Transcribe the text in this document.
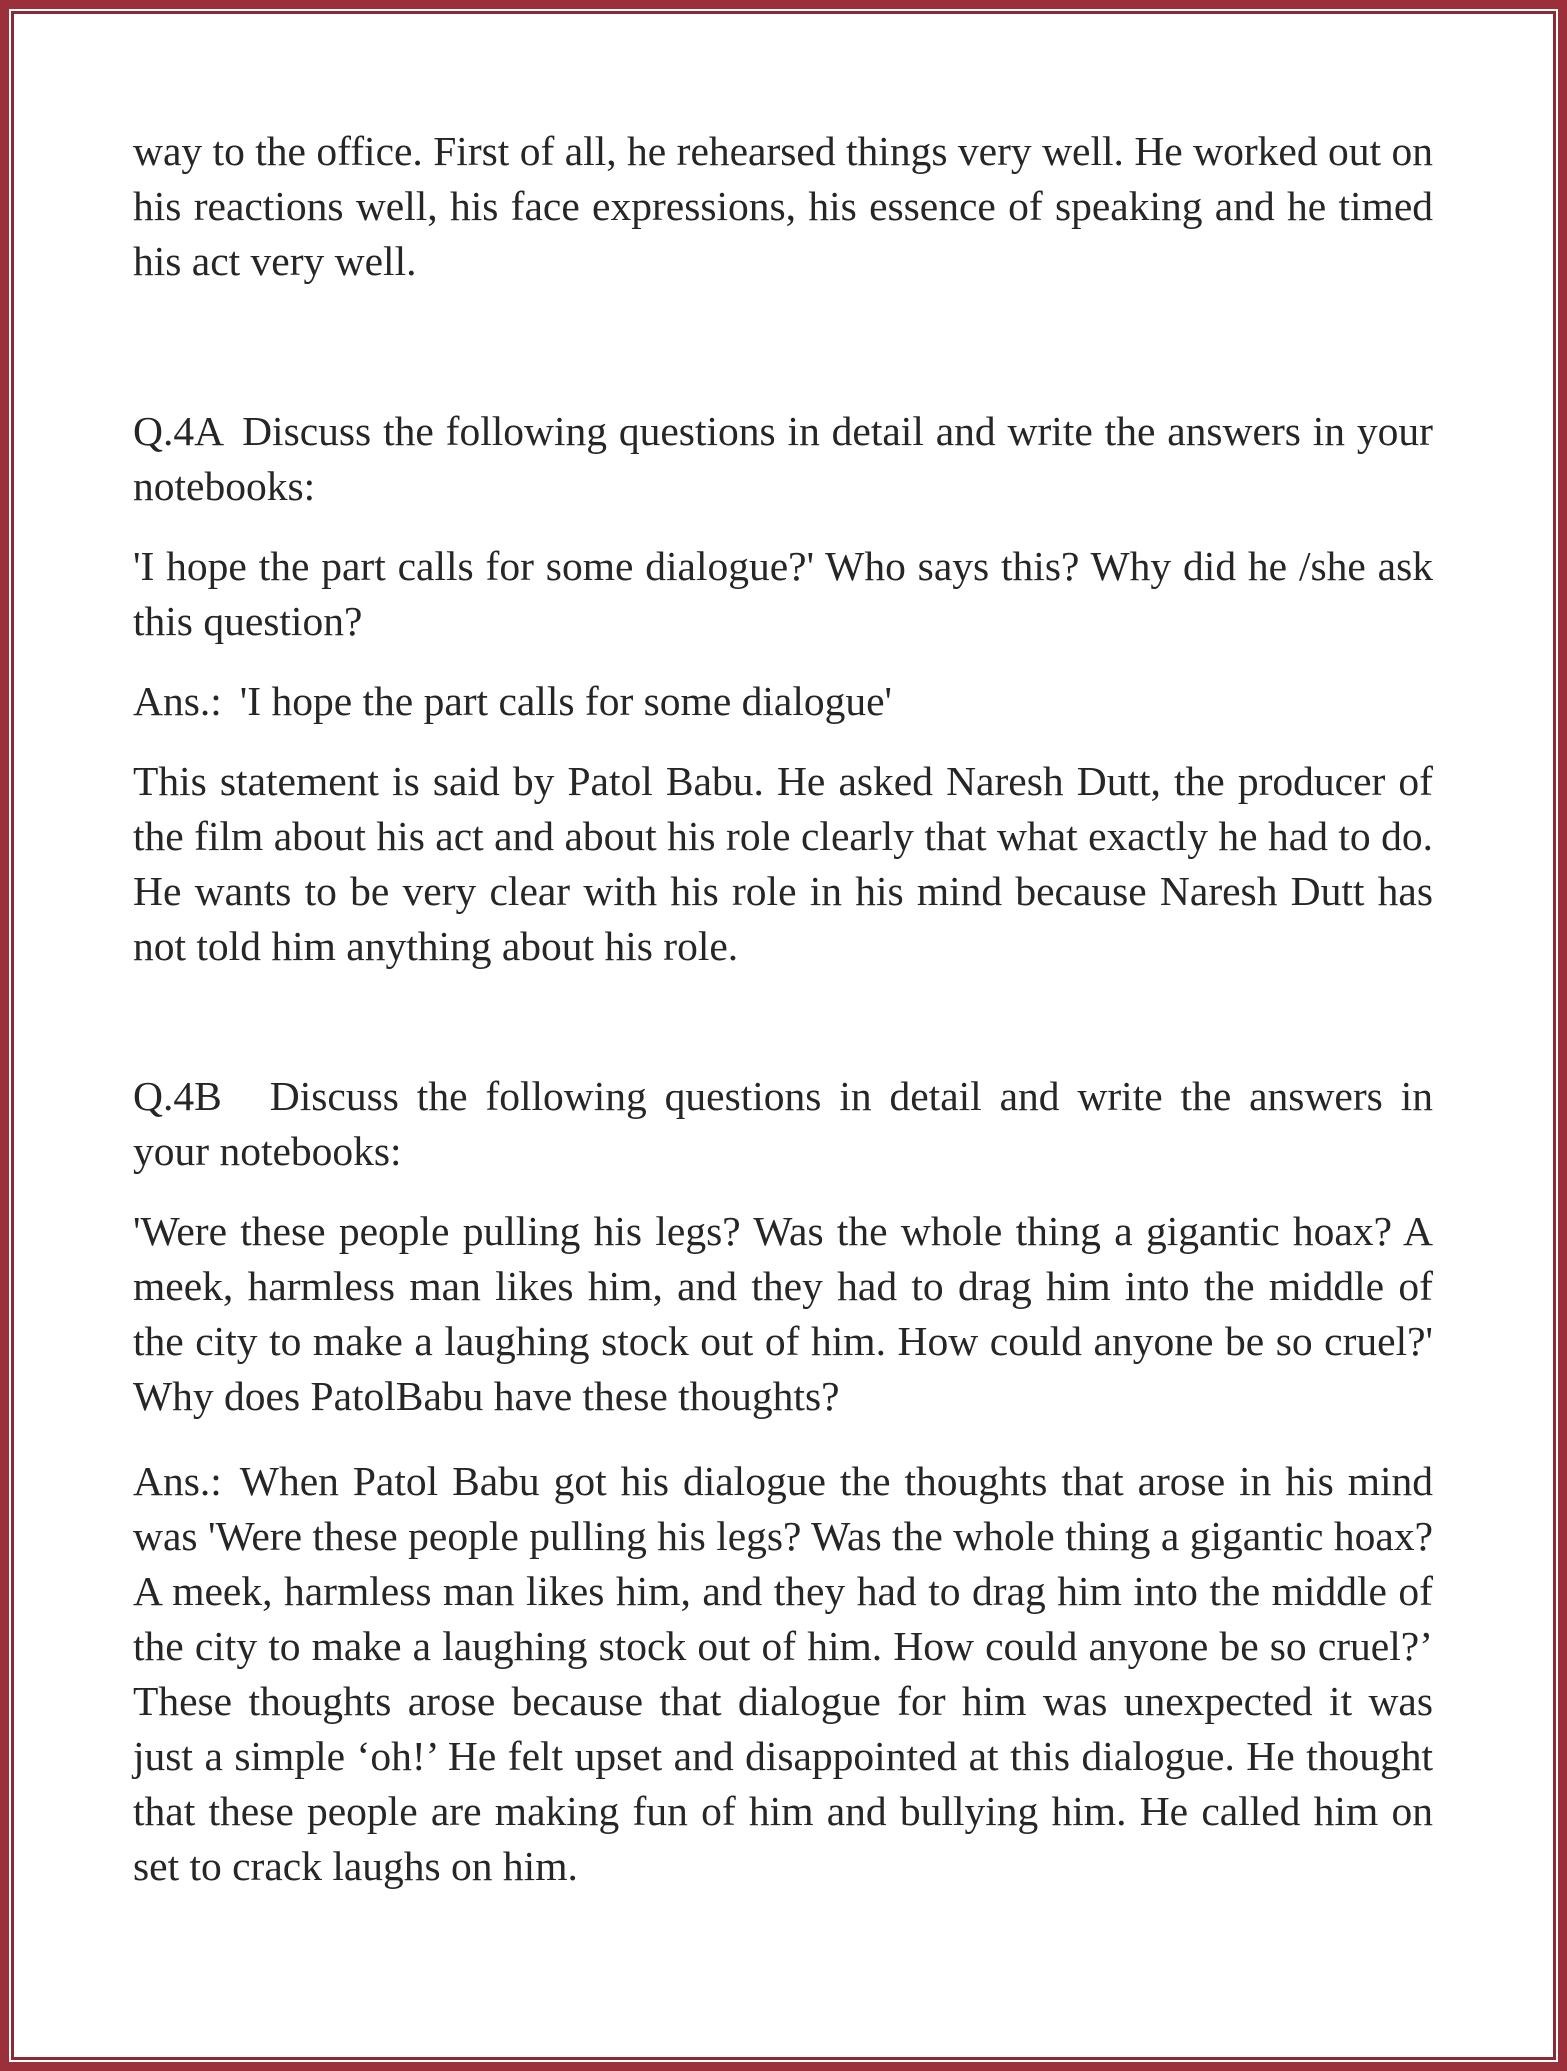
way to the office. First of all, he rehearsed things very well. He worked out on his reactions well, his face expressions, his essence of speaking and he timed his act very well.

Q.4A Discuss the following questions in detail and write the answers in your notebooks:

'I hope the part calls for some dialogue?' Who says this? Why did he /she ask this question?

Ans.: 'I hope the part calls for some dialogue'

This statement is said by Patol Babu. He asked Naresh Dutt, the producer of the film about his act and about his role clearly that what exactly he had to do. He wants to be very clear with his role in his mind because Naresh Dutt has not told him anything about his role.

Q.4B Discuss the following questions in detail and write the answers in your notebooks:

'Were these people pulling his legs? Was the whole thing a gigantic hoax? A meek, harmless man likes him, and they had to drag him into the middle of the city to make a laughing stock out of him. How could anyone be so cruel?' Why does PatolBabu have these thoughts?

Ans.: When Patol Babu got his dialogue the thoughts that arose in his mind was 'Were these people pulling his legs? Was the whole thing a gigantic hoax? A meek, harmless man likes him, and they had to drag him into the middle of the city to make a laughing stock out of him. How could anyone be so cruel?’ These thoughts arose because that dialogue for him was unexpected it was just a simple ‘oh!’ He felt upset and disappointed at this dialogue. He thought that these people are making fun of him and bullying him. He called him on set to crack laughs on him.
